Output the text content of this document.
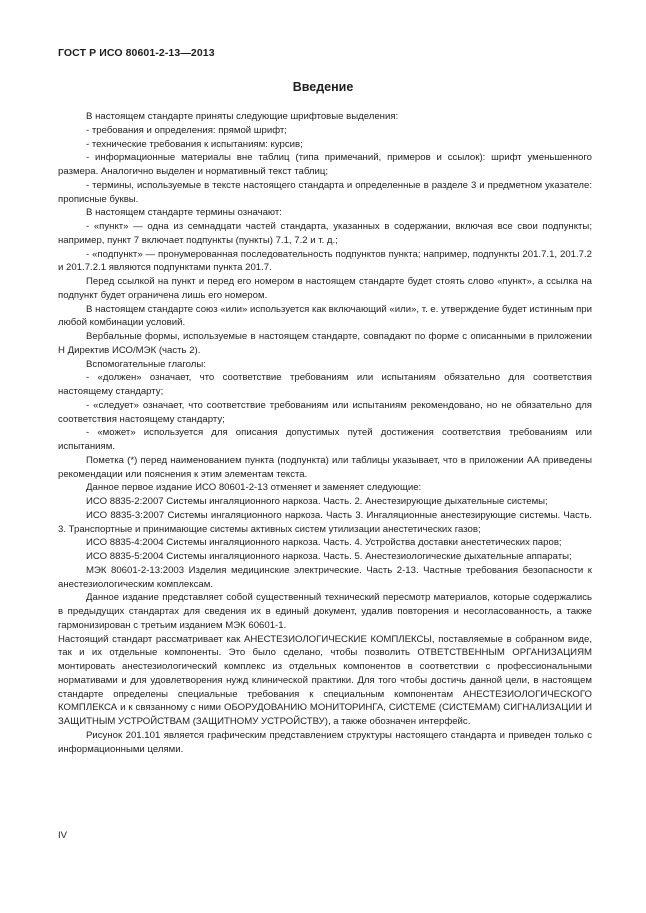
ГОСТ Р ИСО 80601-2-13—2013
Введение

В настоящем стандарте приняты следующие шрифтовые выделения:

- требования и определения: прямой шрифт;

- технические требования к испытаниям: курсив;

- информационные материалы вне таблиц (типа примечаний, примеров и ссылок): шрифт уменьшенного размера. Аналогично выделен и нормативный текст таблиц;

- термины, используемые в тексте настоящего стандарта и определенные в разделе 3 и предметном указателе: прописные буквы.

В настоящем стандарте термины означают:

- «пункт» — одна из семнадцати частей стандарта, указанных в содержании, включая все свои подпункты; например, пункт 7 включает подпункты (пункты) 7.1, 7.2 и т. д.;

- «подпункт» — пронумерованная последовательность подпунктов пункта; например, подпункты 201.7.1, 201.7.2 и 201.7.2.1 являются подпунктами пункта 201.7.

Перед ссылкой на пункт и перед его номером в настоящем стандарте будет стоять слово «пункт», а ссылка на подпункт будет ограничена лишь его номером.

В настоящем стандарте союз «или» используется как включающий «или», т. е. утверждение будет истинным при любой комбинации условий.

Вербальные формы, используемые в настоящем стандарте, совпадают по форме с описанными в приложении Н Директив ИСО/МЭК (часть 2).

Вспомогательные глаголы:

- «должен» означает, что соответствие требованиям или испытаниям обязательно для соответствия настоящему стандарту;

- «следует» означает, что соответствие требованиям или испытаниям рекомендовано, но не обязательно для соответствия настоящему стандарту;

- «может» используется для описания допустимых путей достижения соответствия требованиям или испытаниям.

Пометка (*) перед наименованием пункта (подпункта) или таблицы указывает, что в приложении АА приведены рекомендации или пояснения к этим элементам текста.

Данное первое издание ИСО 80601-2-13 отменяет и заменяет следующие:

ИСО 8835-2:2007 Системы ингаляционного наркоза. Часть. 2. Анестезирующие дыхательные системы;

ИСО 8835-3:2007 Системы ингаляционного наркоза. Часть 3. Ингаляционные анестезирующие системы. Часть. 3. Транспортные и принимающие системы активных систем утилизации анестетических газов;

ИСО 8835-4:2004 Системы ингаляционного наркоза. Часть. 4. Устройства доставки анестетических паров;

ИСО 8835-5:2004 Системы ингаляционного наркоза. Часть. 5. Анестезиологические дыхательные аппараты;

МЭК 80601-2-13:2003 Изделия медицинские электрические. Часть 2-13. Частные требования безопасности к анестезиологическим комплексам.

Данное издание представляет собой существенный технический пересмотр материалов, которые содержались в предыдущих стандартах для сведения их в единый документ, удалив повторения и несогласованность, а также гармонизирован с третьим изданием МЭК 60601-1.

Настоящий стандарт рассматривает как АНЕСТЕЗИОЛОГИЧЕСКИЕ КОМПЛЕКСЫ, поставляемые в собранном виде, так и их отдельные компоненты. Это было сделано, чтобы позволить ОТВЕТСТВЕННЫМ ОРГАНИЗАЦИЯМ монтировать анестезиологический комплекс из отдельных компонентов в соответствии с профессиональными нормативами и для удовлетворения нужд клинической практики. Для того чтобы достичь данной цели, в настоящем стандарте определены специальные требования к специальным компонентам АНЕСТЕЗИОЛОГИЧЕСКОГО КОМПЛЕКСА и к связанному с ними ОБОРУДОВАНИЮ МОНИТОРИНГА, СИСТЕМЕ (СИСТЕМАМ) СИГНАЛИЗАЦИИ И ЗАЩИТНЫМ УСТРОЙСТВАМ (ЗАЩИТНОМУ УСТРОЙСТВУ), а также обозначен интерфейс.

Рисунок 201.101 является графическим представлением структуры настоящего стандарта и приведен только с информационными целями.

IV
